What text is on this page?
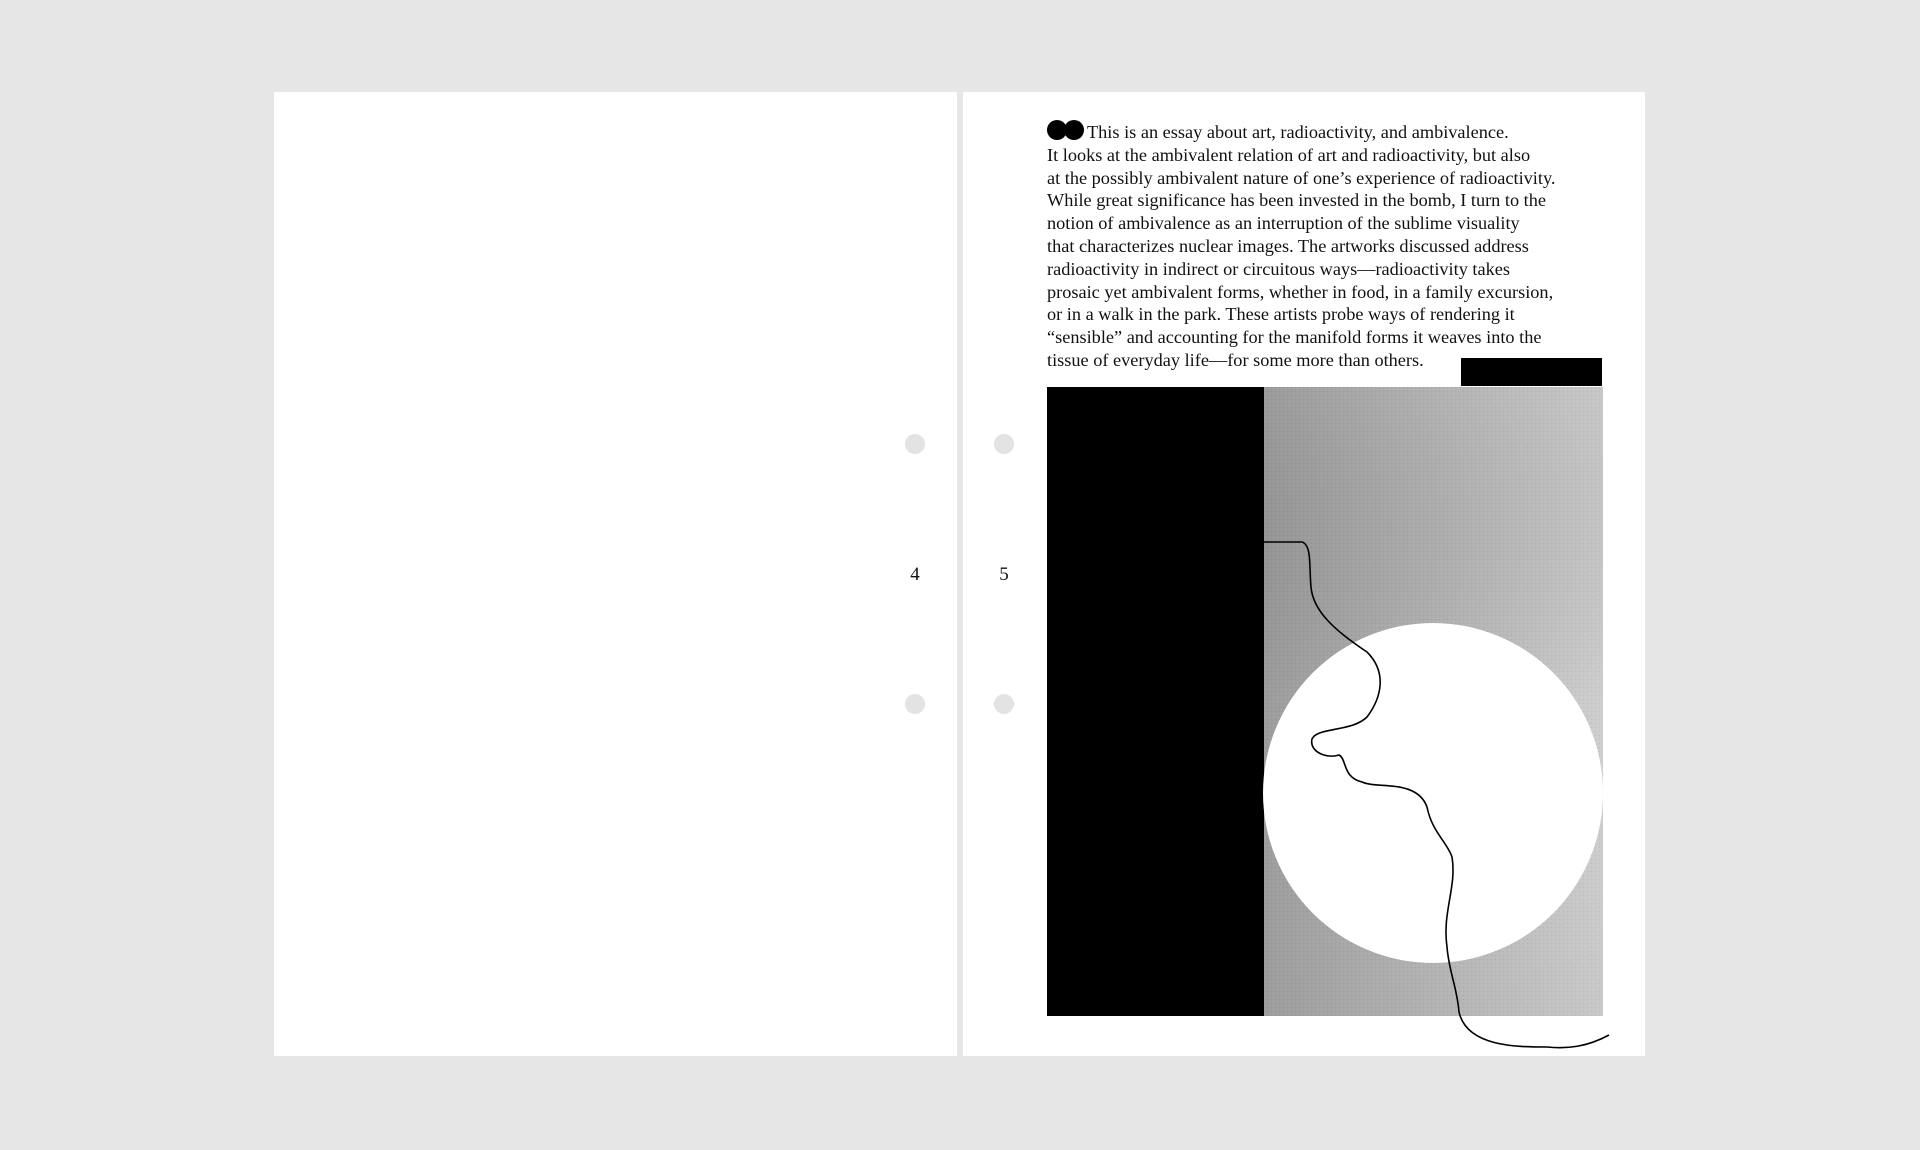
4	5
This is an essay about art, radioactivity, and ambivalence.
It looks at the ambivalent relation of art and radioactivity, but also
at the possibly ambivalent nature of one’s experience of radioactivity.
While great significance has been invested in the bomb, I turn to the
notion of ambivalence as an interruption of the sublime visuality
that characterizes nuclear images. The artworks discussed address
radioactivity in indirect or circuitous ways—radioactivity takes
prosaic yet ambivalent forms, whether in food, in a family excursion,
or in a walk in the park. These artists probe ways of rendering it
“sensible” and accounting for the manifold forms it weaves into the
tissue of everyday life—for some more than others.
